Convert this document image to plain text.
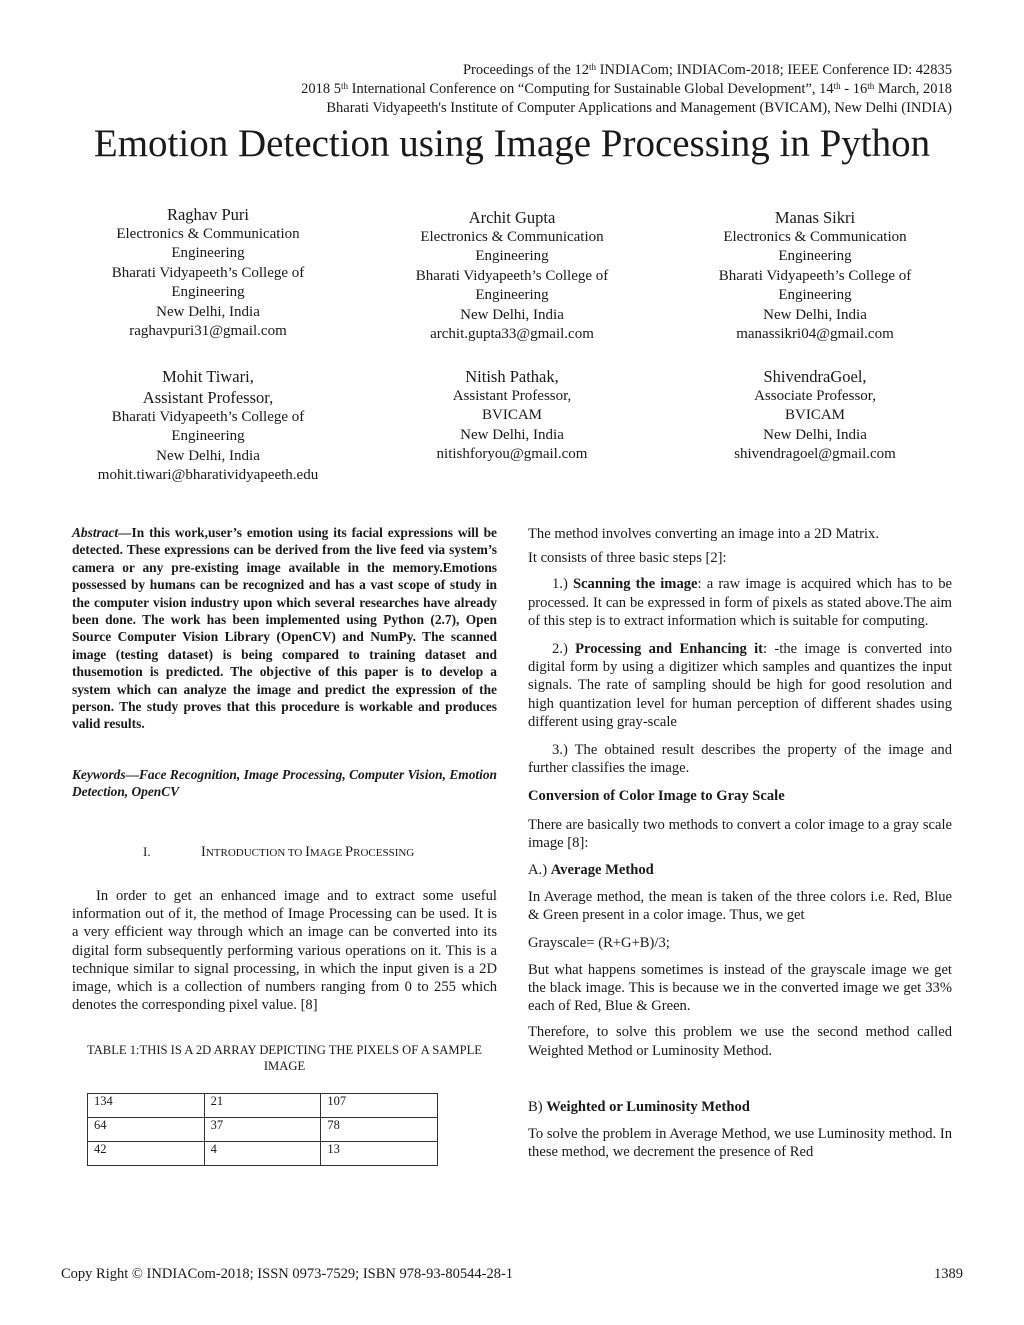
Proceedings of the 12th INDIACom; INDIACom-2018; IEEE Conference ID: 42835
2018 5th International Conference on “Computing for Sustainable Global Development”, 14th - 16th March, 2018
Bharati Vidyapeeth's Institute of Computer Applications and Management (BVICAM), New Delhi (INDIA)
Emotion Detection using Image Processing in Python
Raghav Puri
Electronics & Communication
Engineering
Bharati Vidyapeeth’s College of
Engineering
New Delhi, India
raghavpuri31@gmail.com
Archit Gupta
Electronics & Communication
Engineering
Bharati Vidyapeeth’s College of
Engineering
New Delhi, India
archit.gupta33@gmail.com
Manas Sikri
Electronics & Communication
Engineering
Bharati Vidyapeeth’s College of
Engineering
New Delhi, India
manassikri04@gmail.com
Mohit Tiwari,
Assistant Professor,
Bharati Vidyapeeth’s College of
Engineering
New Delhi, India
mohit.tiwari@bharatividyapeeth.edu
Nitish Pathak,
Assistant Professor,
BVICAM
New Delhi, India
nitishforyou@gmail.com
ShivendraGoel,
Associate Professor,
BVICAM
New Delhi, India
shivendragoel@gmail.com
Abstract—In this work,user’s emotion using its facial expressions will be detected. These expressions can be derived from the live feed via system’s camera or any pre-existing image available in the memory.Emotions possessed by humans can be recognized and has a vast scope of study in the computer vision industry upon which several researches have already been done. The work has been implemented using Python (2.7), Open Source Computer Vision Library (OpenCV) and NumPy. The scanned image (testing dataset) is being compared to training dataset and thusemotion is predicted. The objective of this paper is to develop a system which can analyze the image and predict the expression of the person. The study proves that this procedure is workable and produces valid results.
Keywords—Face Recognition, Image Processing, Computer Vision, Emotion Detection, OpenCV
I.	INTRODUCTION TO IMAGE PROCESSING
In order to get an enhanced image and to extract some useful information out of it, the method of Image Processing can be used. It is a very efficient way through which an image can be converted into its digital form subsequently performing various operations on it. This is a technique similar to signal processing, in which the input given is a 2D image, which is a collection of numbers ranging from 0 to 255 which denotes the corresponding pixel value. [8]
TABLE 1:THIS IS A 2D ARRAY DEPICTING THE PIXELS OF A SAMPLE IMAGE
134	21	107
64	37	78
42	4	13

The method involves converting an image into a 2D Matrix.

It consists of three basic steps [2]:

1.) Scanning the image: a raw image is acquired which has to be processed. It can be expressed in form of pixels as stated above.The aim of this step is to extract information which is suitable for computing.

2.) Processing and Enhancing it: -the image is converted into digital form by using a digitizer which samples and quantizes the input signals. The rate of sampling should be high for good resolution and high quantization level for human perception of different shades using different using gray-scale

3.) The obtained result describes the property of the image and further classifies the image.

Conversion of Color Image to Gray Scale

There are basically two methods to convert a color image to a gray scale image [8]:

A.) Average Method

In Average method, the mean is taken of the three colors i.e. Red, Blue & Green present in a color image. Thus, we get

Grayscale= (R+G+B)/3;

But what happens sometimes is instead of the grayscale image we get the black image. This is because we in the converted image we get 33% each of Red, Blue & Green.

Therefore, to solve this problem we use the second method called Weighted Method or Luminosity Method.

B) Weighted or Luminosity Method

To solve the problem in Average Method, we use Luminosity method. In these method, we decrement the presence of Red

Copy Right © INDIACom-2018; ISSN 0973-7529; ISBN 978-93-80544-28-1	1389
